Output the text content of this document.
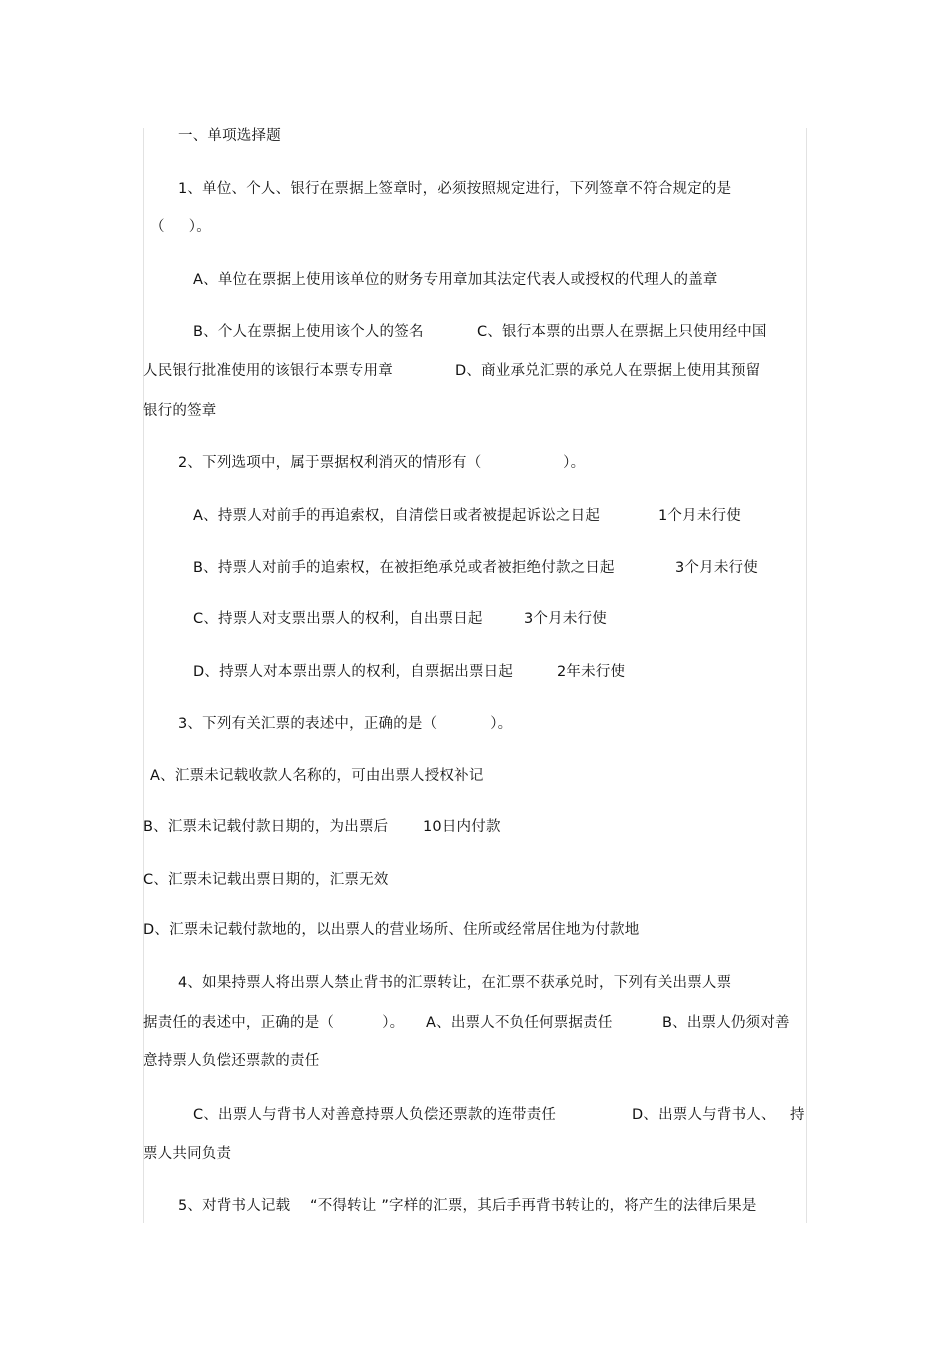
一、单项选择题
1、单位、个人、银行在票据上签章时，必须按照规定进行，下列签章不符合规定的是
（     ）。
A、单位在票据上使用该单位的财务专用章加其法定代表人或授权的代理人的盖章
B、个人在票据上使用该个人的签名	C、银行本票的出票人在票据上只使用经中国
人民银行批准使用的该银行本票专用章	D、商业承兑汇票的承兑人在票据上使用其预留
银行的签章
2、下列选项中，属于票据权利消灭的情形有（                 ）。
A、持票人对前手的再追索权，自清偿日或者被提起诉讼之日起	1个月未行使
B、持票人对前手的追索权，在被拒绝承兑或者被拒绝付款之日起	3个月未行使
C、持票人对支票出票人的权利，自出票日起	3个月未行使
D、持票人对本票出票人的权利，自票据出票日起	2年未行使
3、下列有关汇票的表述中，正确的是（           ）。
A、汇票未记载收款人名称的，可由出票人授权补记
B、汇票未记载付款日期的，为出票后 10日内付款
C、汇票未记载出票日期的，汇票无效
D、汇票未记载付款地的，以出票人的营业场所、住所或经常居住地为付款地
4、如果持票人将出票人禁止背书的汇票转让，在汇票不获承兑时，下列有关出票人票
据责任的表述中，正确的是（          ）。 A、出票人不负任何票据责任	B、出票人仍须对善
意持票人负偿还票款的责任
C、出票人与背书人对善意持票人负偿还票款的连带责任	D、出票人与背书人、 持
票人共同负责
5、对背书人记载 “不得转让 ”字样的汇票，其后手再背书转让的，将产生的法律后果是
